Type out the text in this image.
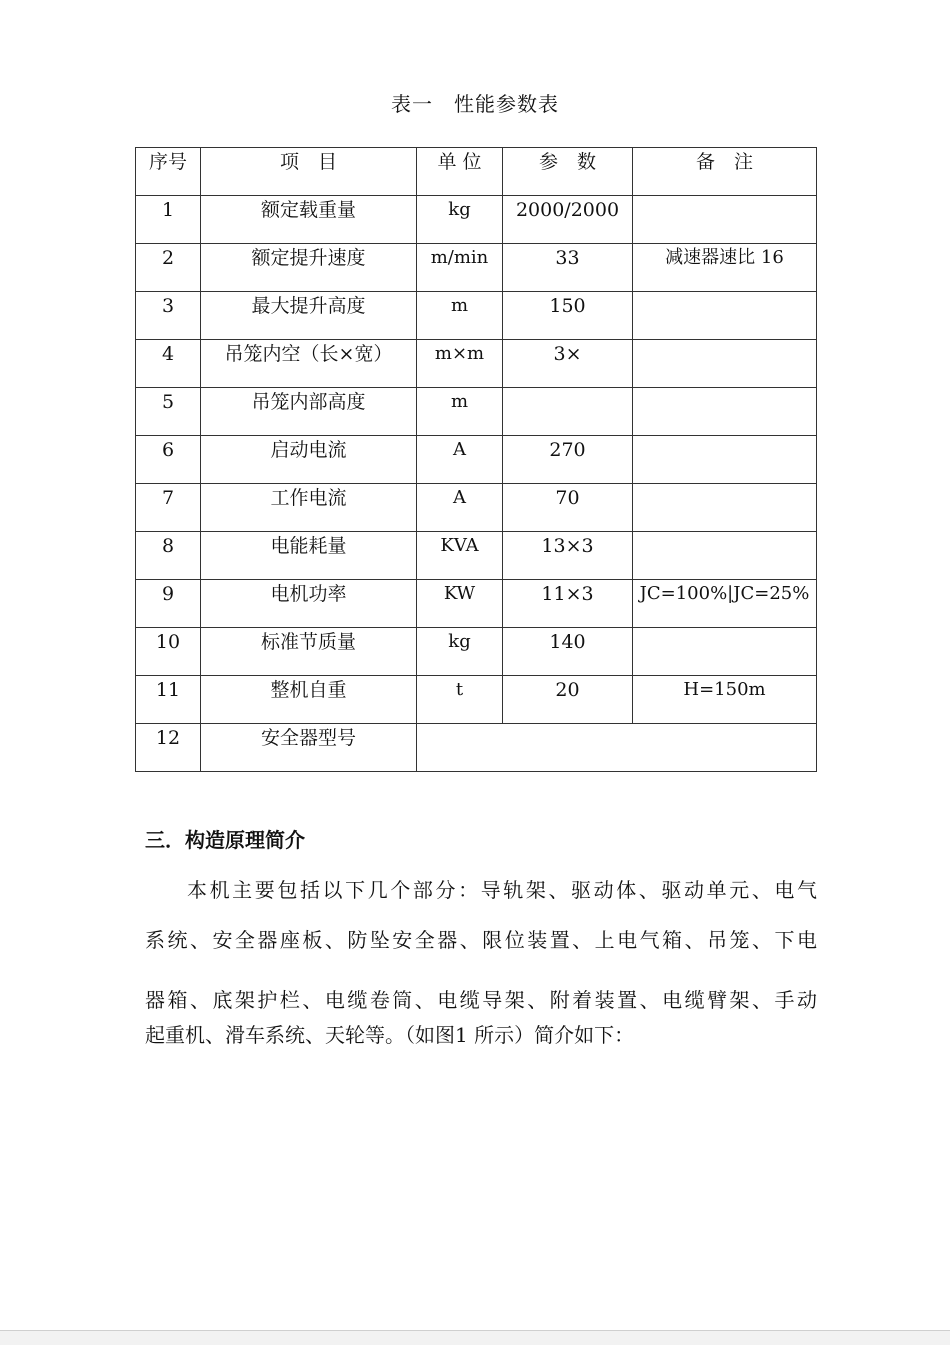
表一　性能参数表
序号	项　目	单 位	参　数	备　注
1	额定载重量	kg	2000/2000	
2	额定提升速度	m/min	33	减速器速比 16
3	最大提升高度	m	150	
4	吊笼内空（长×宽）	m×m	3×	
5	吊笼内部高度	m		
6	启动电流	A	270	
7	工作电流	A	70	
8	电能耗量	KVA	13×3	
9	电机功率	KW	11×3	JC=100%|JC=25%
10	标准节质量	kg	140	
11	整机自重	t	20	H=150m
12	安全器型号			
三．构造原理简介
本机主要包括以下几个部分：导轨架、驱动体、驱动单元、电气
系统、安全器座板、防坠安全器、限位装置、上电气箱、吊笼、下电
器箱、底架护栏、电缆卷筒、电缆导架、附着装置、电缆臂架、手动
起重机、滑车系统、天轮等。（如图1 所示）简介如下：
